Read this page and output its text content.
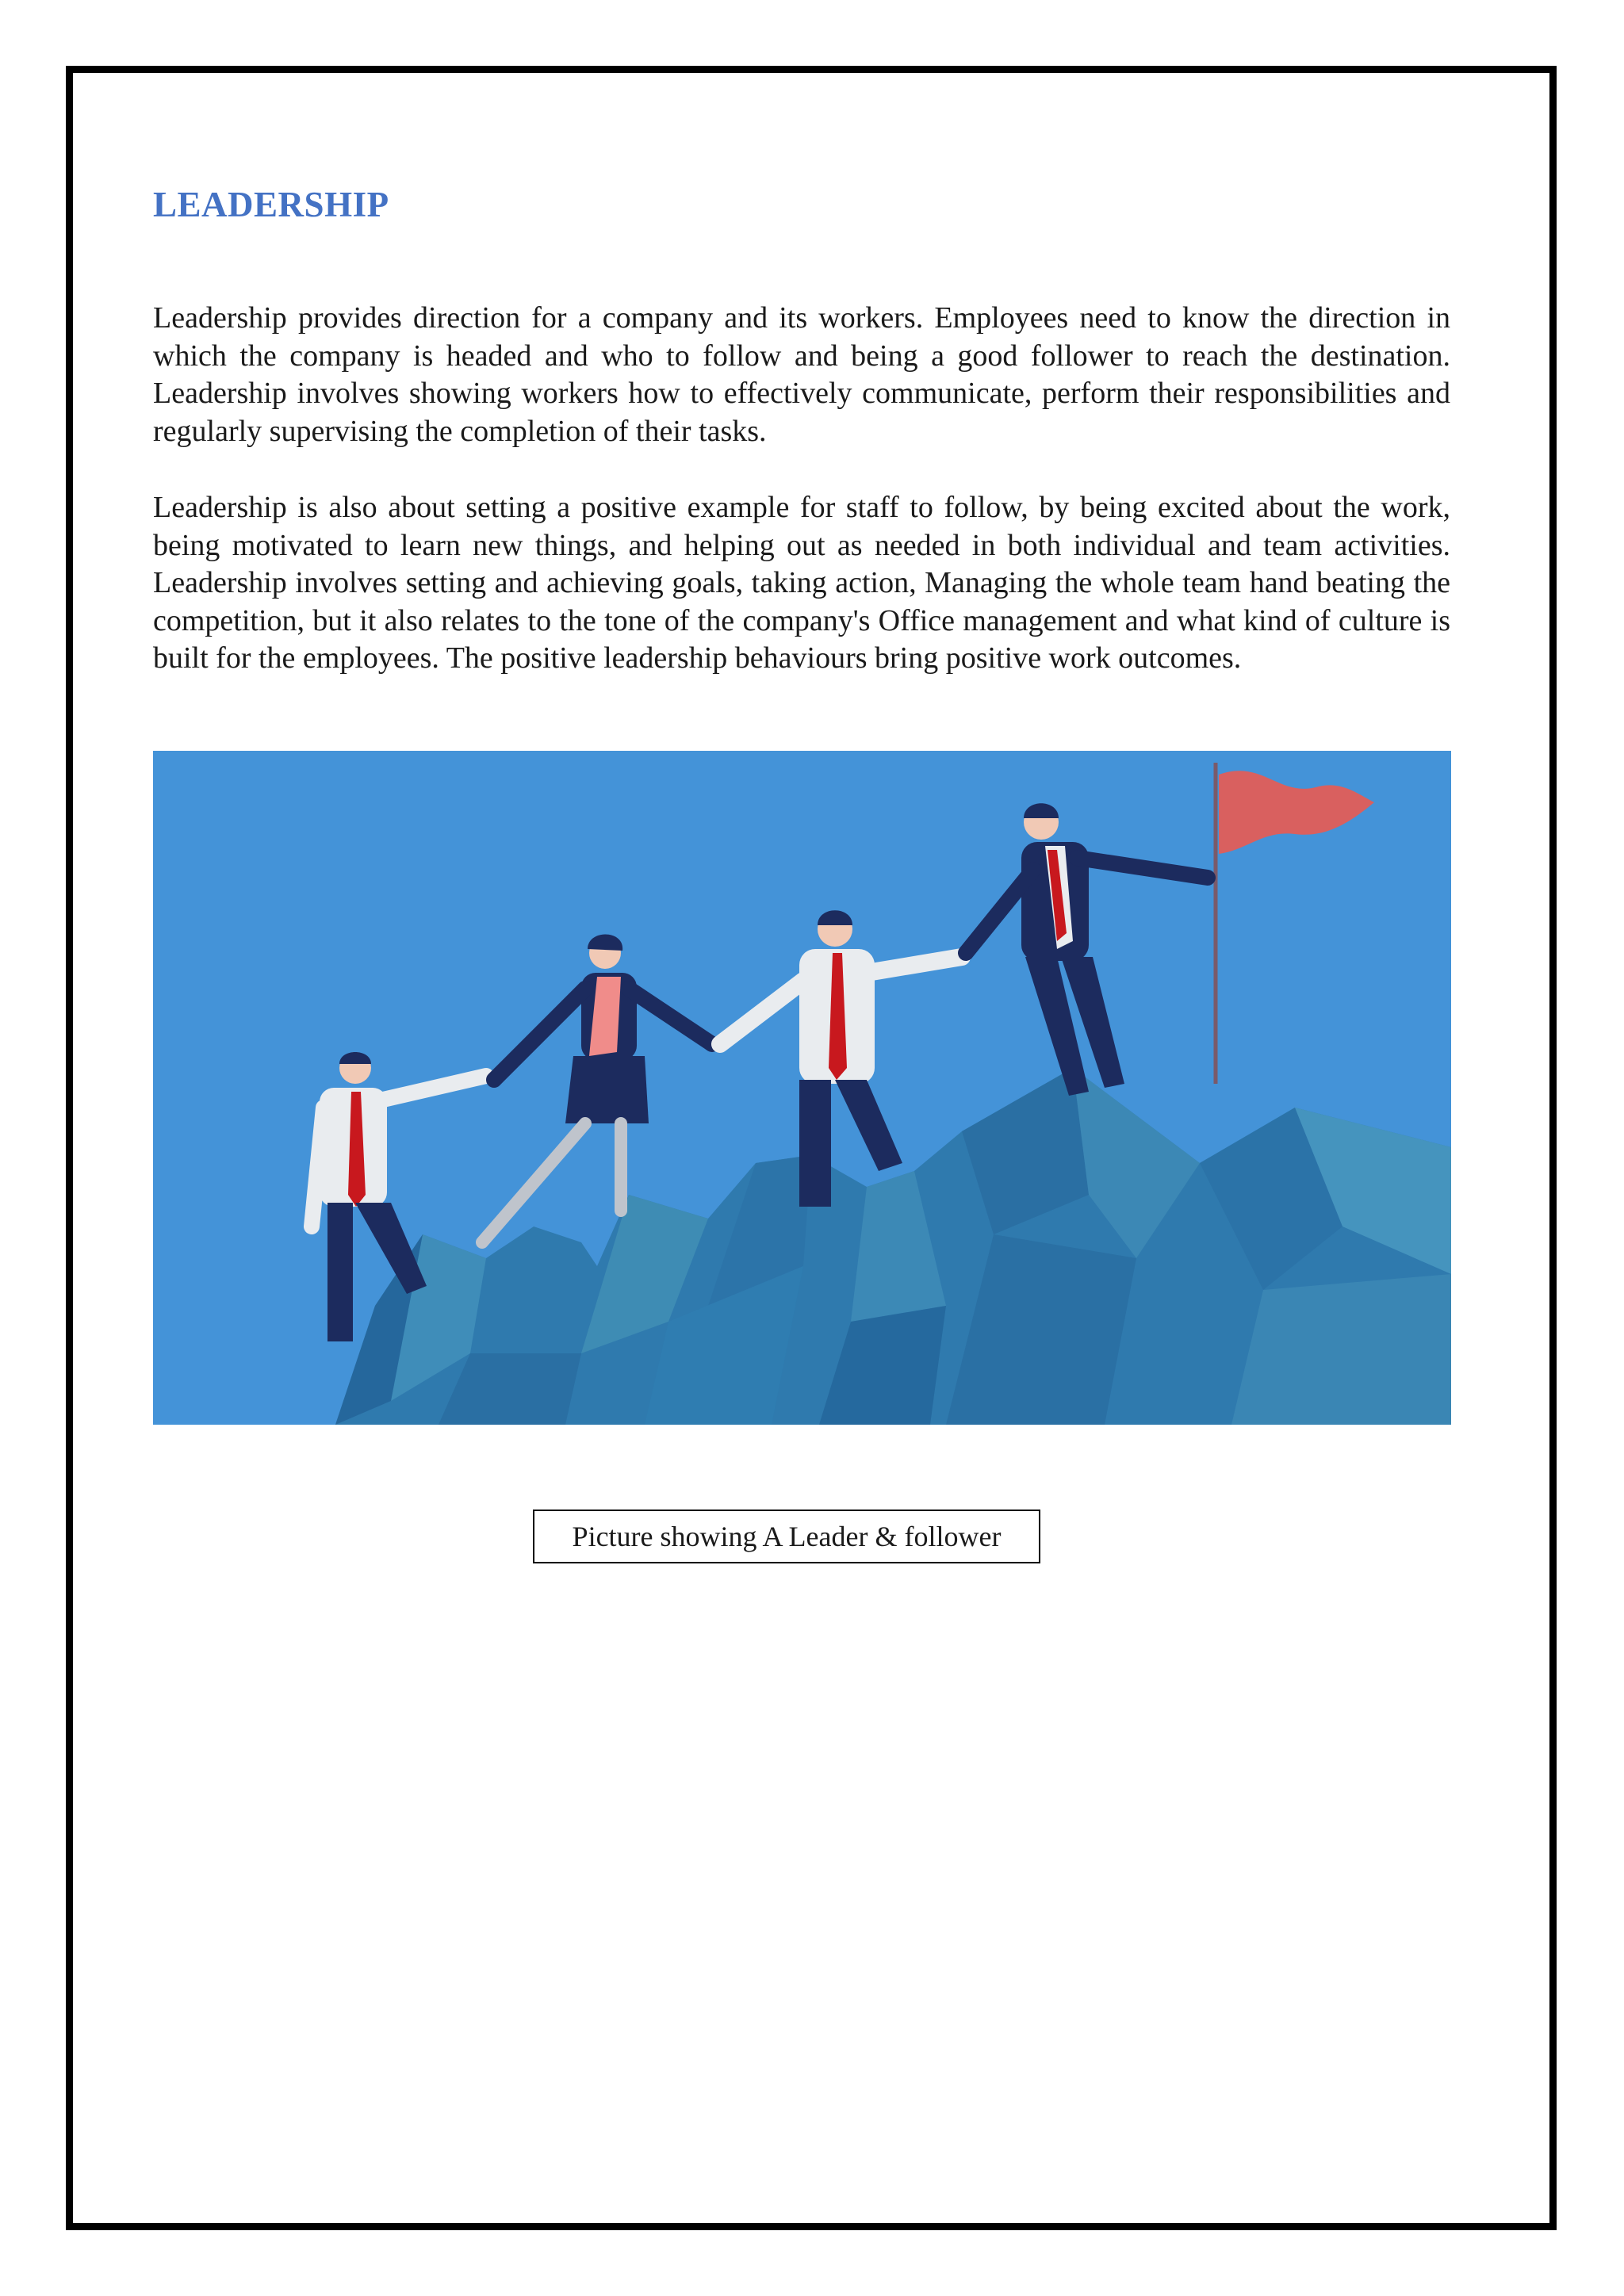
LEADERSHIP

Leadership provides direction for a company and its workers. Employees need to know the direction in which the company is headed and who to follow and being a good follower to reach the destination. Leadership involves showing workers how to effectively communicate, perform their responsibilities and regularly supervising the completion of their tasks.

Leadership is also about setting a positive example for staff to follow, by being excited about the work, being motivated to learn new things, and helping out as needed in both individual and team activities. Leadership involves setting and achieving goals, taking action, Managing the whole team hand beating the competition, but it also relates to the tone of the company's Office management and what kind of culture is built for the employees. The positive leadership behaviours bring positive work outcomes.

Picture showing A Leader & follower
